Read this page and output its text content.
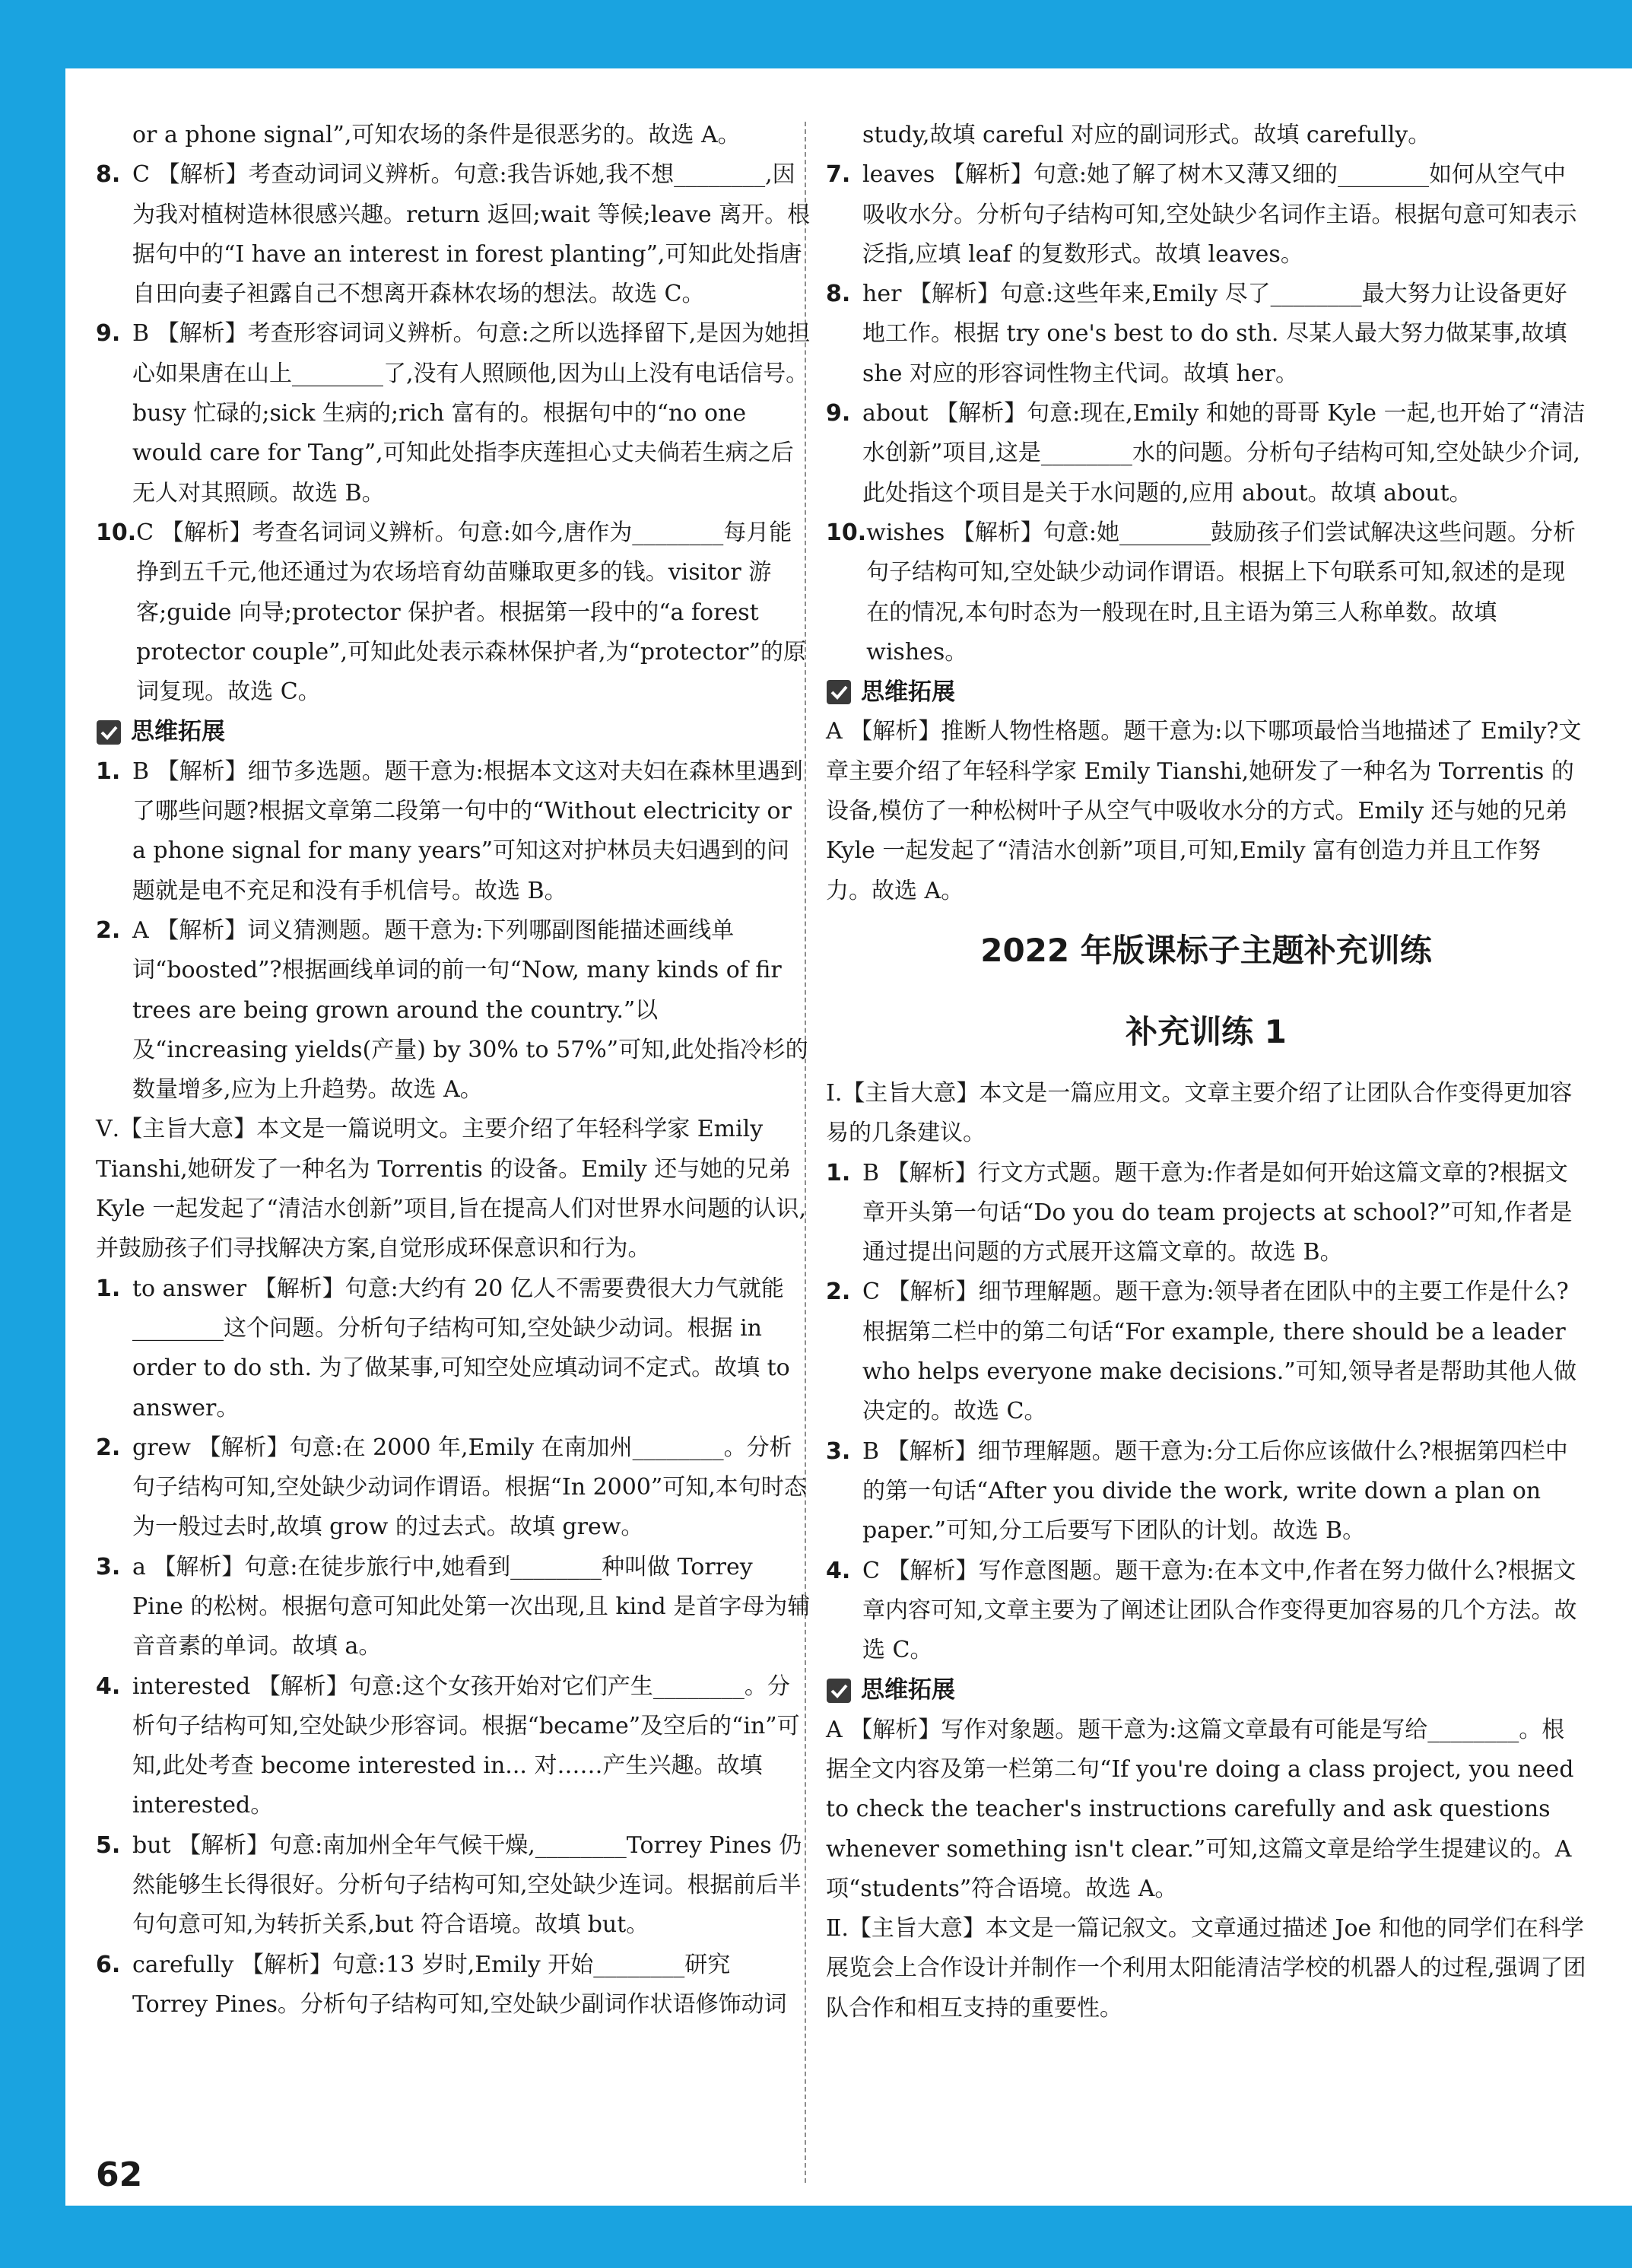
or a phone signal”,可知农场的条件是很恶劣的。故选 A。

8. C 【解析】考查动词词义辨析。句意:我告诉她,我不想________,因为我对植树造林很感兴趣。return 返回;wait 等候;leave 离开。根据句中的“I have an interest in forest planting”,可知此处指唐自田向妻子袒露自己不想离开森林农场的想法。故选 C。
9. B 【解析】考查形容词词义辨析。句意:之所以选择留下,是因为她担心如果唐在山上________了,没有人照顾他,因为山上没有电话信号。busy 忙碌的;sick 生病的;rich 富有的。根据句中的“no one would care for Tang”,可知此处指李庆莲担心丈夫倘若生病之后无人对其照顾。故选 B。
10. C 【解析】考查名词词义辨析。句意:如今,唐作为________每月能挣到五千元,他还通过为农场培育幼苗赚取更多的钱。visitor 游客;guide 向导;protector 保护者。根据第一段中的“a forest protector couple”,可知此处表示森林保护者,为“protector”的原词复现。故选 C。
思维拓展
1. B 【解析】细节多选题。题干意为:根据本文这对夫妇在森林里遇到了哪些问题?根据文章第二段第一句中的“Without electricity or a phone signal for many years”可知这对护林员夫妇遇到的问题就是电不充足和没有手机信号。故选 B。
2. A 【解析】词义猜测题。题干意为:下列哪副图能描述画线单词“boosted”?根据画线单词的前一句“Now, many kinds of fir trees are being grown around the country.”以及“increasing yields(产量) by 30% to 57%”可知,此处指冷杉的数量增多,应为上升趋势。故选 A。

Ⅴ.【主旨大意】本文是一篇说明文。主要介绍了年轻科学家 Emily Tianshi,她研发了一种名为 Torrentis 的设备。Emily 还与她的兄弟 Kyle 一起发起了“清洁水创新”项目,旨在提高人们对世界水问题的认识,并鼓励孩子们寻找解决方案,自觉形成环保意识和行为。

1. to answer 【解析】句意:大约有 20 亿人不需要费很大力气就能________这个问题。分析句子结构可知,空处缺少动词。根据 in order to do sth. 为了做某事,可知空处应填动词不定式。故填 to answer。
2. grew 【解析】句意:在 2000 年,Emily 在南加州________。分析句子结构可知,空处缺少动词作谓语。根据“In 2000”可知,本句时态为一般过去时,故填 grow 的过去式。故填 grew。
3. a 【解析】句意:在徒步旅行中,她看到________种叫做 Torrey Pine 的松树。根据句意可知此处第一次出现,且 kind 是首字母为辅音音素的单词。故填 a。
4. interested 【解析】句意:这个女孩开始对它们产生________。分析句子结构可知,空处缺少形容词。根据“became”及空后的“in”可知,此处考查 become interested in... 对……产生兴趣。故填 interested。
5. but 【解析】句意:南加州全年气候干燥,________Torrey Pines 仍然能够生长得很好。分析句子结构可知,空处缺少连词。根据前后半句句意可知,为转折关系,but 符合语境。故填 but。
6. carefully 【解析】句意:13 岁时,Emily 开始________研究 Torrey Pines。分析句子结构可知,空处缺少副词作状语修饰动词

study,故填 careful 对应的副词形式。故填 carefully。

7. leaves 【解析】句意:她了解了树木又薄又细的________如何从空气中吸收水分。分析句子结构可知,空处缺少名词作主语。根据句意可知表示泛指,应填 leaf 的复数形式。故填 leaves。
8. her 【解析】句意:这些年来,Emily 尽了________最大努力让设备更好地工作。根据 try one's best to do sth. 尽某人最大努力做某事,故填 she 对应的形容词性物主代词。故填 her。
9. about 【解析】句意:现在,Emily 和她的哥哥 Kyle 一起,也开始了“清洁水创新”项目,这是________水的问题。分析句子结构可知,空处缺少介词,此处指这个项目是关于水问题的,应用 about。故填 about。
10. wishes 【解析】句意:她________鼓励孩子们尝试解决这些问题。分析句子结构可知,空处缺少动词作谓语。根据上下句联系可知,叙述的是现在的情况,本句时态为一般现在时,且主语为第三人称单数。故填 wishes。
思维拓展

A 【解析】推断人物性格题。题干意为:以下哪项最恰当地描述了 Emily?文章主要介绍了年轻科学家 Emily Tianshi,她研发了一种名为 Torrentis 的设备,模仿了一种松树叶子从空气中吸收水分的方式。Emily 还与她的兄弟 Kyle 一起发起了“清洁水创新”项目,可知,Emily 富有创造力并且工作努力。故选 A。

2022 年版课标子主题补充训练
补充训练 1

Ⅰ.【主旨大意】本文是一篇应用文。文章主要介绍了让团队合作变得更加容易的几条建议。

1. B 【解析】行文方式题。题干意为:作者是如何开始这篇文章的?根据文章开头第一句话“Do you do team projects at school?”可知,作者是通过提出问题的方式展开这篇文章的。故选 B。
2. C 【解析】细节理解题。题干意为:领导者在团队中的主要工作是什么?根据第二栏中的第二句话“For example, there should be a leader who helps everyone make decisions.”可知,领导者是帮助其他人做决定的。故选 C。
3. B 【解析】细节理解题。题干意为:分工后你应该做什么?根据第四栏中的第一句话“After you divide the work, write down a plan on paper.”可知,分工后要写下团队的计划。故选 B。
4. C 【解析】写作意图题。题干意为:在本文中,作者在努力做什么?根据文章内容可知,文章主要为了阐述让团队合作变得更加容易的几个方法。故选 C。
思维拓展

A 【解析】写作对象题。题干意为:这篇文章最有可能是写给________。根据全文内容及第一栏第二句“If you're doing a class project, you need to check the teacher's instructions carefully and ask questions whenever something isn't clear.”可知,这篇文章是给学生提建议的。A 项“students”符合语境。故选 A。

Ⅱ.【主旨大意】本文是一篇记叙文。文章通过描述 Joe 和他的同学们在科学展览会上合作设计并制作一个利用太阳能清洁学校的机器人的过程,强调了团队合作和相互支持的重要性。

62
